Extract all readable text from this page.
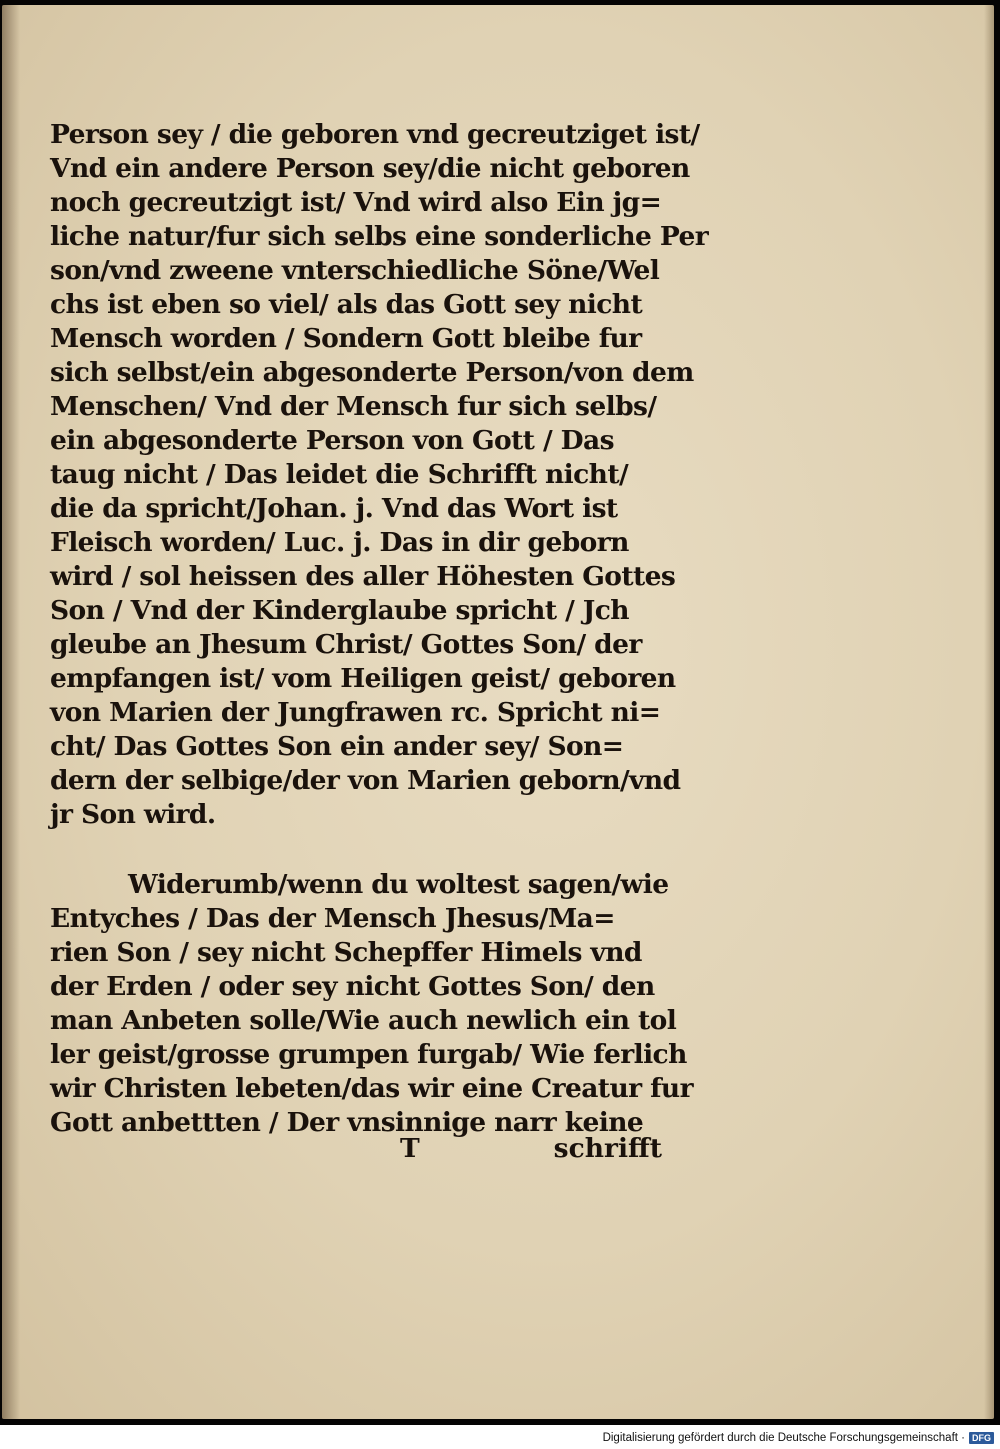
Person sey / die geboren vnd gecreutziget ist/
Vnd ein andere Person sey/die nicht geboren
noch gecreutzigt ist/ Vnd wird also Ein jg=
liche natur/fur sich selbs eine sonderliche Per
son/vnd zweene vnterschiedliche Söne/Wel
chs ist eben so viel/ als das Gott sey nicht
Mensch worden / Sondern Gott bleibe fur
sich selbst/ein abgesonderte Person/von dem
Menschen/ Vnd der Mensch fur sich selbs/
ein abgesonderte Person von Gott / Das
taug nicht / Das leidet die Schrifft nicht/
die da spricht/Johan. j. Vnd das Wort ist
Fleisch worden/ Luc. j. Das in dir geborn
wird / sol heissen des aller Höhesten Gottes
Son / Vnd der Kinderglaube spricht / Jch
gleube an Jhesum Christ/ Gottes Son/ der
empfangen ist/ vom Heiligen geist/ geboren
von Marien der Jungfrawen rc. Spricht ni=
cht/ Das Gottes Son ein ander sey/ Son=
dern der selbige/der von Marien geborn/vnd
jr Son wird.
Widerumb/wenn du woltest sagen/wie
Entyches / Das der Mensch Jhesus/Ma=
rien Son / sey nicht Schepffer Himels vnd
der Erden / oder sey nicht Gottes Son/ den
man Anbeten solle/Wie auch newlich ein tol
ler geist/grosse grumpen furgab/ Wie ferlich
wir Christen lebeten/das wir eine Creatur fur
Gott anbettten / Der vnsinnige narr keine
T	schrifft
Digitalisierung gefördert durch die Deutsche Forschungsgemeinschaft · DFG
